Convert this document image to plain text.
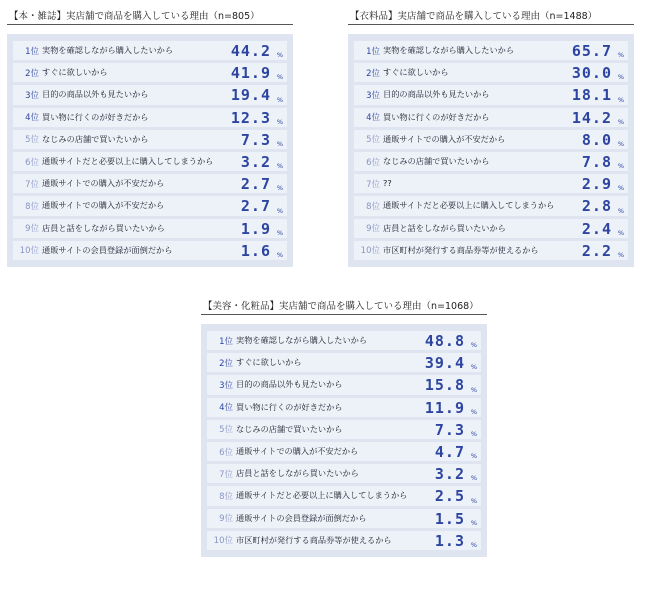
【本・雑誌】実店舗で商品を購入している理由（n=805）
1位 実物を確認しながら購入したいから	44.2 %
2位 すぐに欲しいから	41.9 %
3位 目的の商品以外も見たいから	19.4 %
4位 買い物に行くのが好きだから	12.3 %
5位 なじみの店舗で買いたいから	7.3 %
6位 通販サイトだと必要以上に購入してしまうから	3.2 %
7位 通販サイトでの購入が不安だから	2.7 %
8位 通販サイトでの購入が不安だから	2.7 %
9位 店員と話をしながら買いたいから	1.9 %
10位 通販サイトの会員登録が面倒だから	1.6 %
【衣料品】実店舗で商品を購入している理由（n=1488）
1位 実物を確認しながら購入したいから	65.7 %
2位 すぐに欲しいから	30.0 %
3位 目的の商品以外も見たいから	18.1 %
4位 買い物に行くのが好きだから	14.2 %
5位 通販サイトでの購入が不安だから	8.0 %
6位 なじみの店舗で買いたいから	7.8 %
7位 ??	2.9 %
8位 通販サイトだと必要以上に購入してしまうから	2.8 %
9位 店員と話をしながら買いたいから	2.4 %
10位 市区町村が発行する商品券等が使えるから	2.2 %
【美容・化粧品】実店舗で商品を購入している理由（n=1068）
1位 実物を確認しながら購入したいから	48.8 %
2位 すぐに欲しいから	39.4 %
3位 目的の商品以外も見たいから	15.8 %
4位 買い物に行くのが好きだから	11.9 %
5位 なじみの店舗で買いたいから	7.3 %
6位 通販サイトでの購入が不安だから	4.7 %
7位 店員と話をしながら買いたいから	3.2 %
8位 通販サイトだと必要以上に購入してしまうから	2.5 %
9位 通販サイトの会員登録が面倒だから	1.5 %
10位 市区町村が発行する商品券等が使えるから	1.3 %
